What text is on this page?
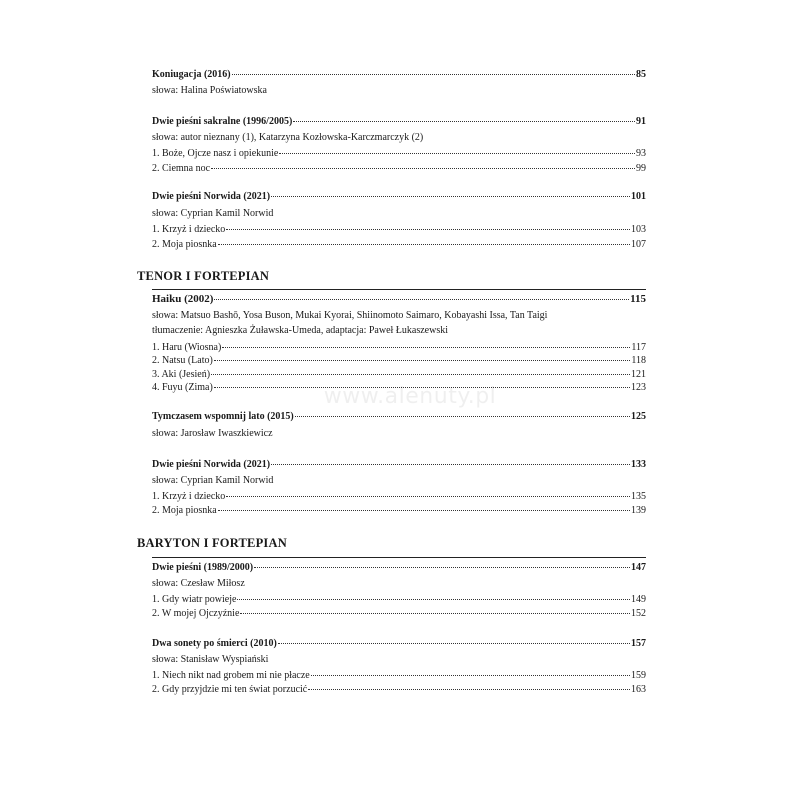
Koniugacja (2016)	85
słowa: Halina Poświatowska
Dwie pieśni sakralne (1996/2005)	91
słowa: autor nieznany (1), Katarzyna Kozłowska-Karczmarczyk (2)
1. Boże, Ojcze nasz i opiekunie	93
2. Ciemna noc	99
Dwie pieśni Norwida (2021)	101
słowa: Cyprian Kamil Norwid
1. Krzyż i dziecko	103
2. Moja piosnka	107
TENOR I FORTEPIAN
Haiku (2002)	115
słowa: Matsuo Bashō, Yosa Buson, Mukai Kyorai, Shiinomoto Saimaro, Kobayashi Issa, Tan Taigi
tłumaczenie: Agnieszka Żuławska-Umeda, adaptacja: Paweł Łukaszewski
1. Haru (Wiosna)	117
2. Natsu (Lato)	118
3. Aki (Jesień)	121
4. Fuyu (Zima)	123
Tymczasem wspomnij lato (2015)	125
słowa: Jarosław Iwaszkiewicz
Dwie pieśni Norwida (2021)	133
słowa: Cyprian Kamil Norwid
1. Krzyż i dziecko	135
2. Moja piosnka	139
BARYTON I FORTEPIAN
Dwie pieśni (1989/2000)	147
słowa: Czesław Miłosz
1. Gdy wiatr powieje	149
2. W mojej Ojczyźnie	152
Dwa sonety po śmierci (2010)	157
słowa: Stanisław Wyspiański
1. Niech nikt nad grobem mi nie płacze	159
2. Gdy przyjdzie mi ten świat porzucić	163
www.alenuty.pl
